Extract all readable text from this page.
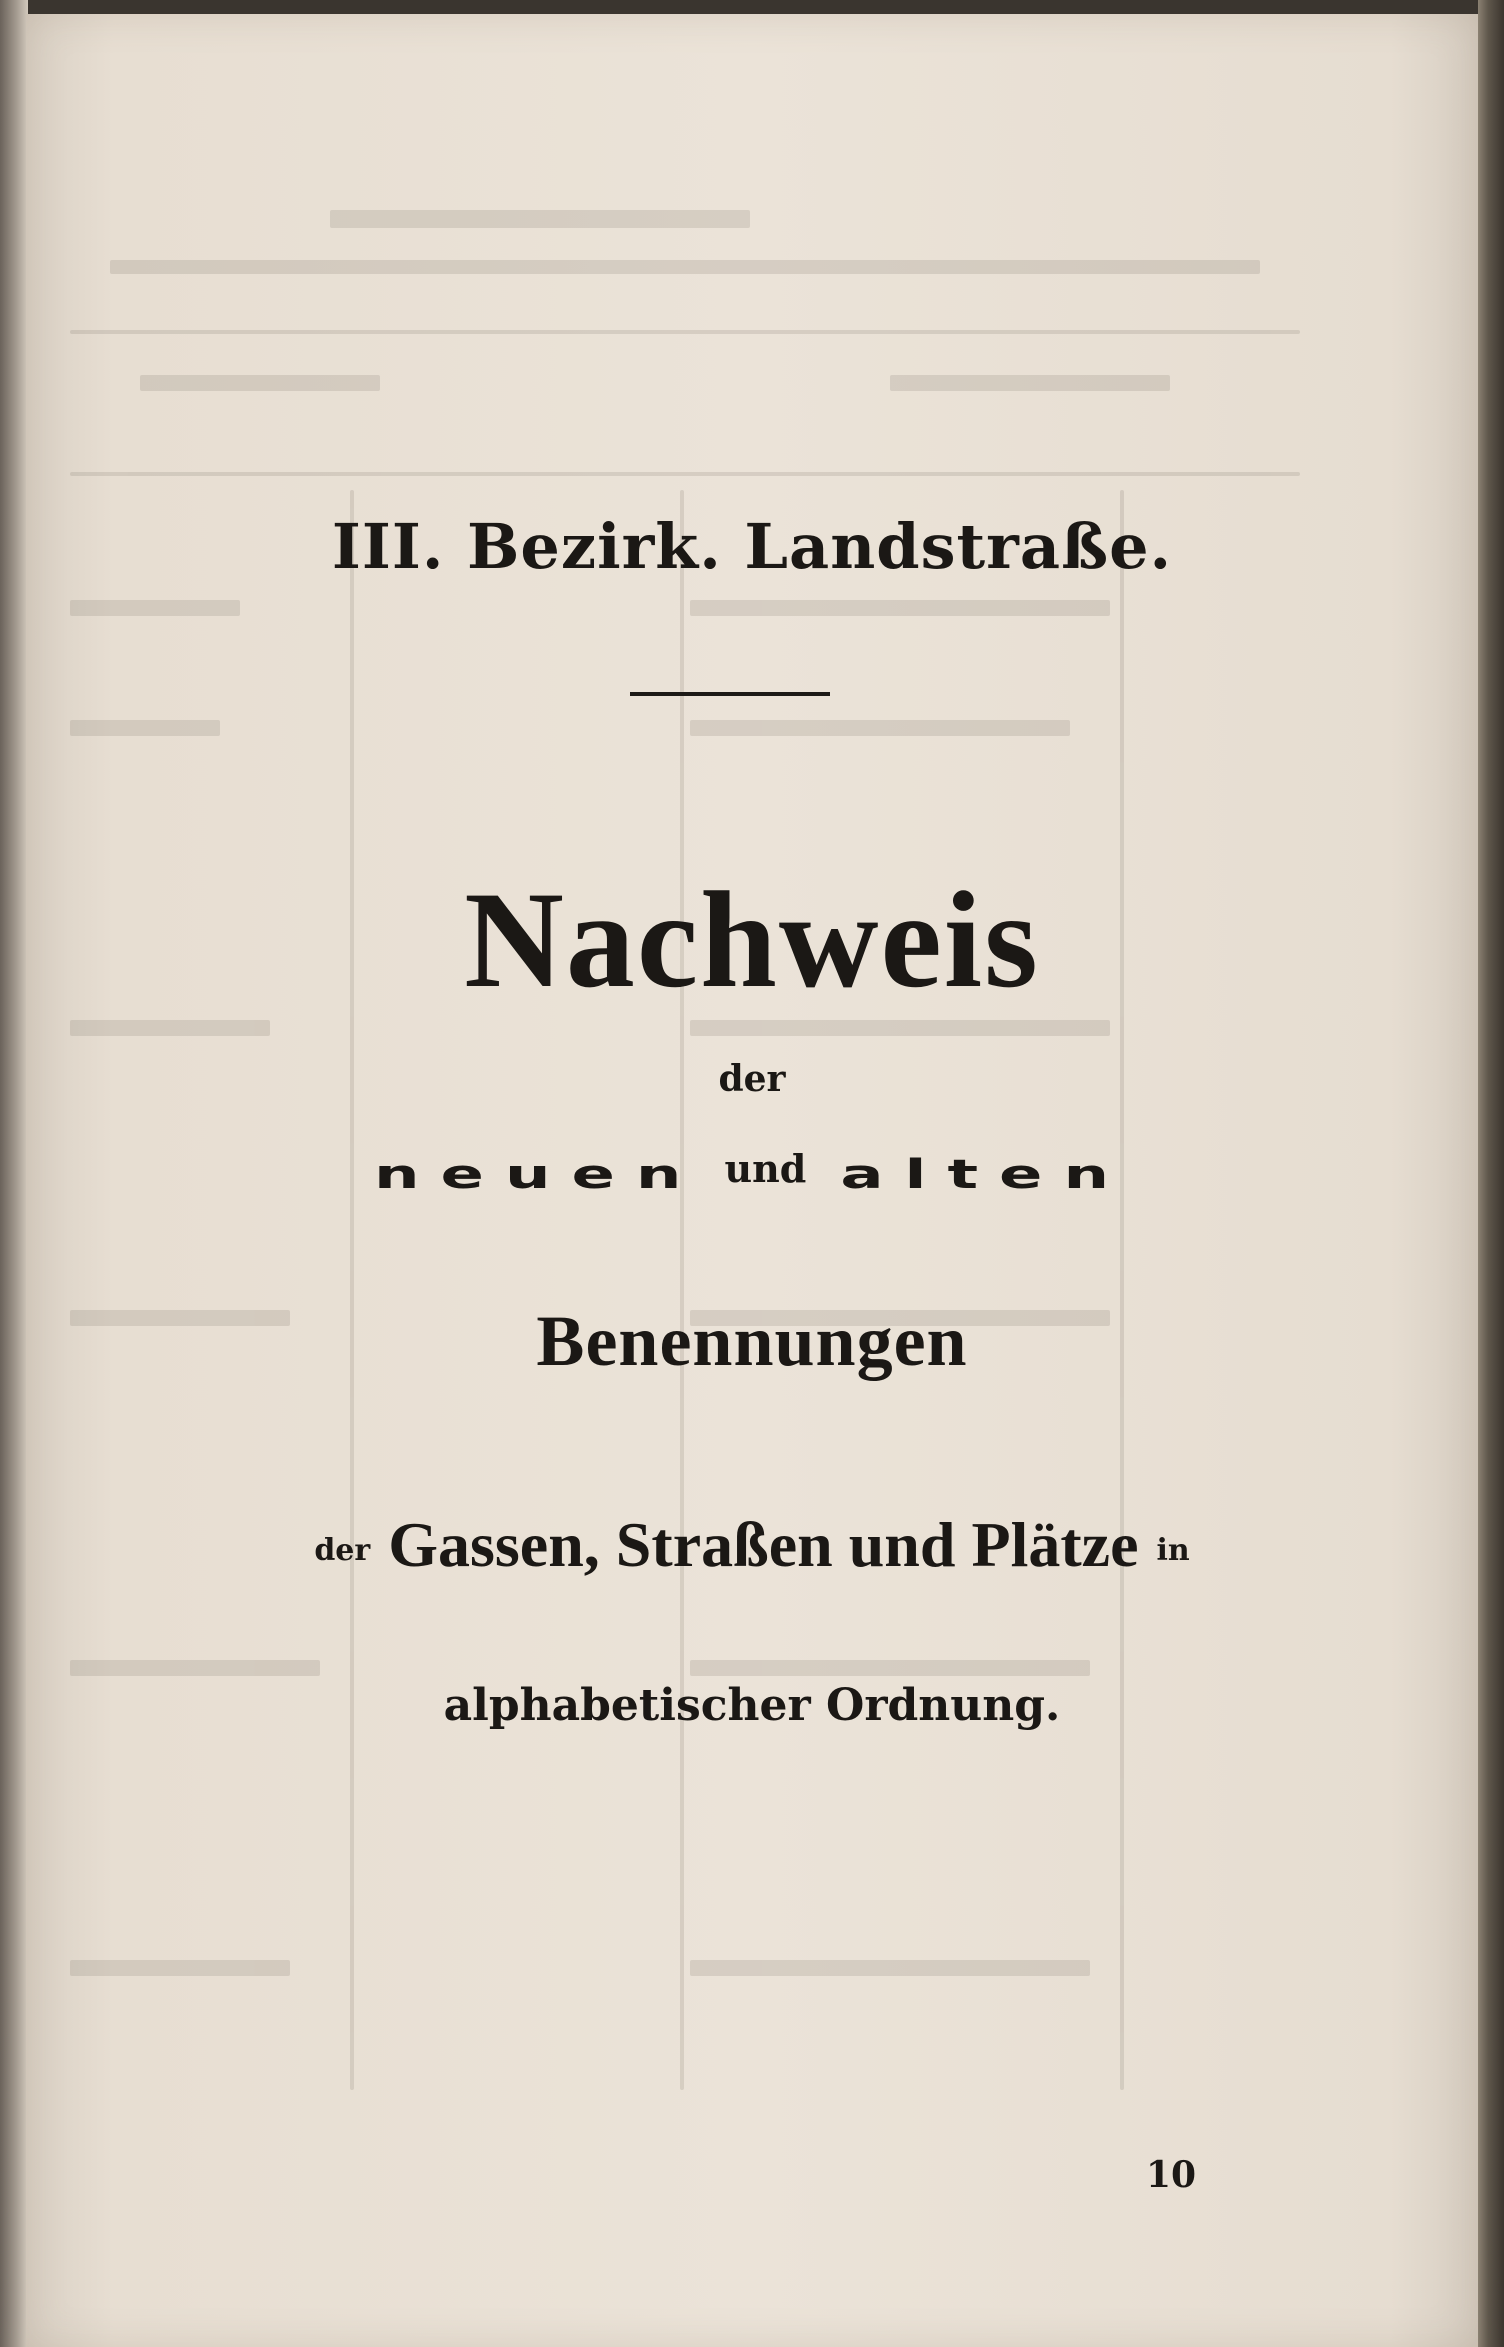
III. Bezirk. Landstraße.
Nachweis
der
neuen und alten
Benennungen
der Gassen, Straßen und Plätze in
alphabetischer Ordnung.
10
